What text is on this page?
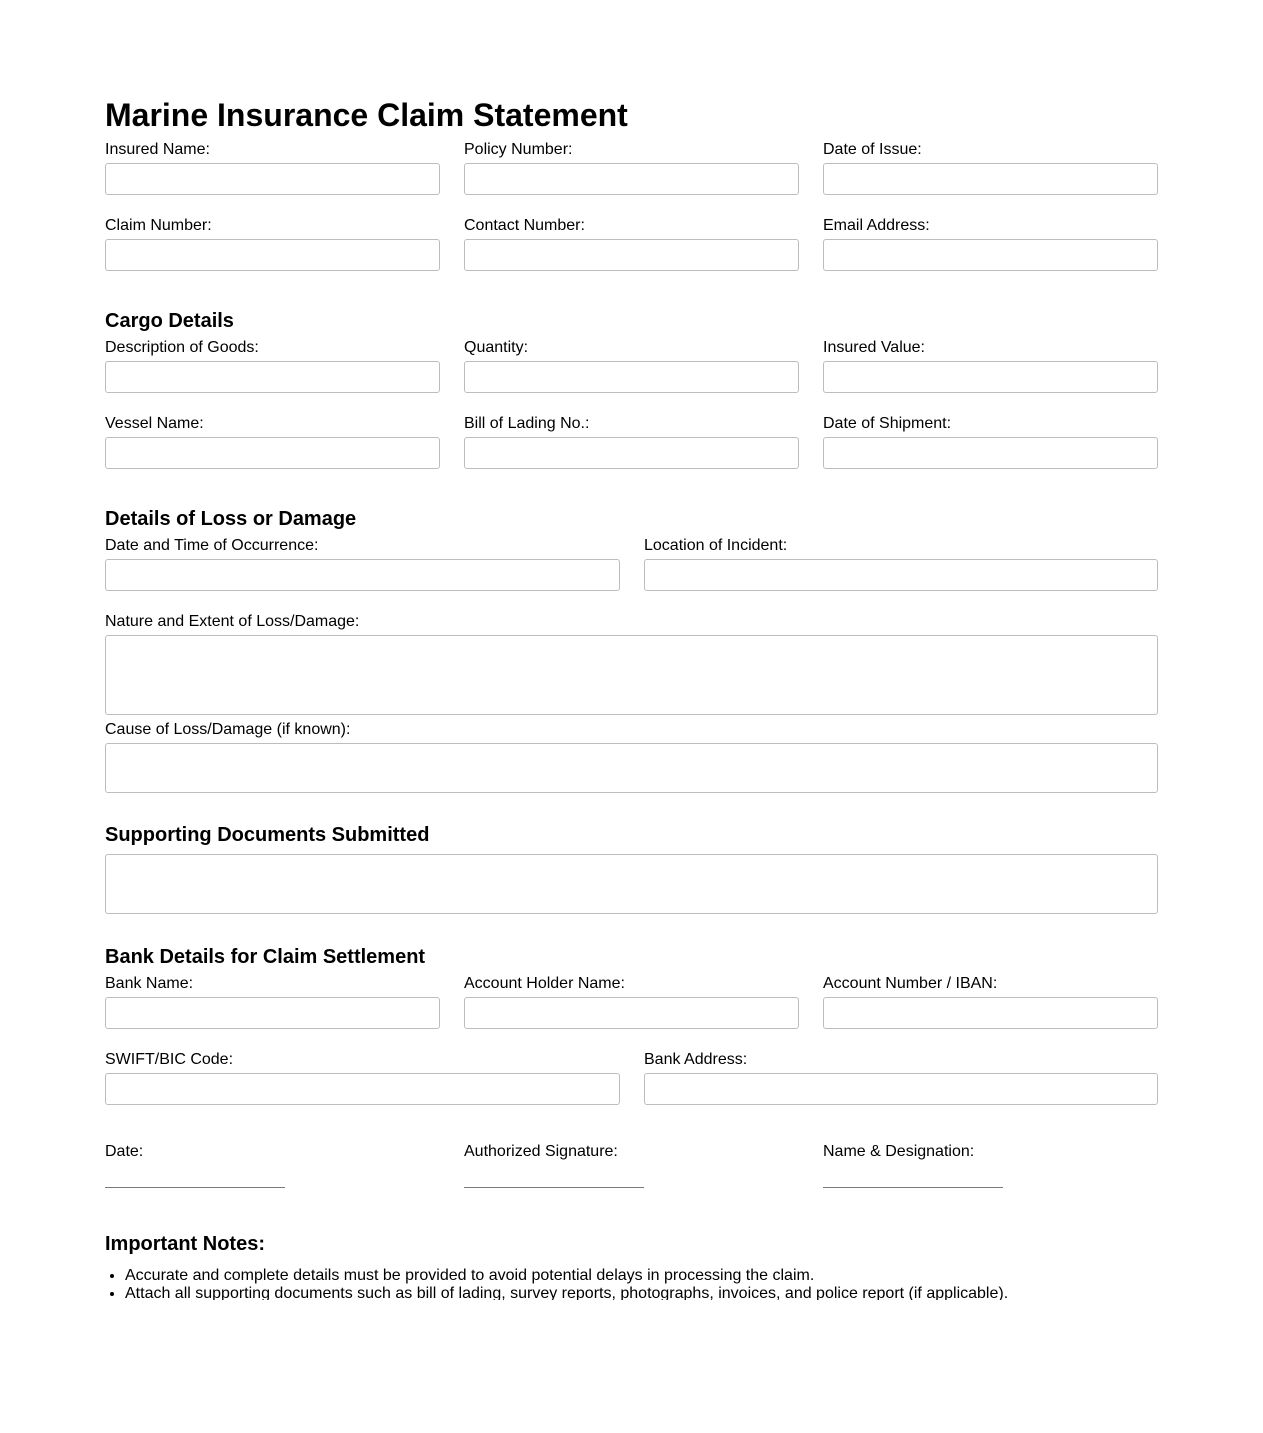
Marine Insurance Claim Statement
Insured Name:	Policy Number:	Date of Issue:
Claim Number:	Contact Number:	Email Address:
Cargo Details
Description of Goods:	Quantity:	Insured Value:
Vessel Name:	Bill of Lading No.:	Date of Shipment:
Details of Loss or Damage
Date and Time of Occurrence:	Location of Incident:
Nature and Extent of Loss/Damage:
Cause of Loss/Damage (if known):
Supporting Documents Submitted
Bank Details for Claim Settlement
Bank Name:	Account Holder Name:	Account Number / IBAN:
SWIFT/BIC Code:	Bank Address:
Date:	Authorized Signature:	Name & Designation:
Important Notes:
• Accurate and complete details must be provided to avoid potential delays in processing the claim.
• Attach all supporting documents such as bill of lading, survey reports, photographs, invoices, and police report (if applicable).
